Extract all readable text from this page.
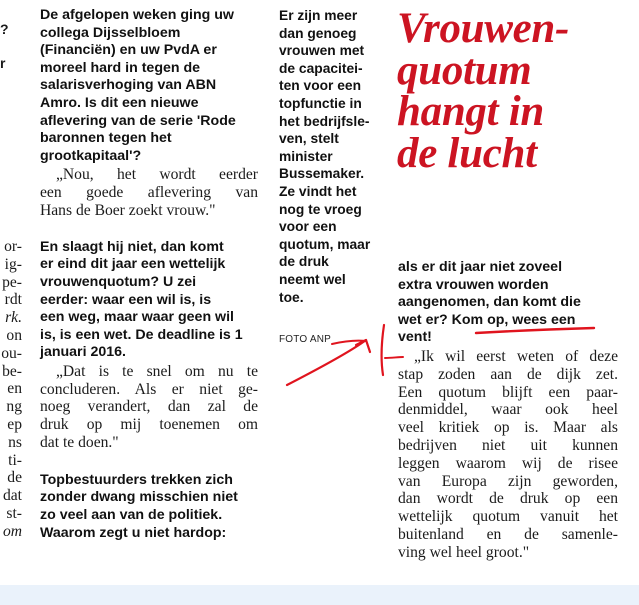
?
r
or-
ig-
pe-
rdt
rk.
on
ou-
be-
en
ng
ep
ns
ti-
de
dat
st-
om
De afgelopen weken ging uw
collega Dijsselbloem
(Financiën) en uw PvdA er
moreel hard in tegen de
salarisverhoging van ABN
Amro. Is dit een nieuwe
aflevering van de serie 'Rode
baronnen tegen het
grootkapitaal'?
„Nou, het wordt eerder
een goede aflevering van
Hans de Boer zoekt vrouw."
En slaagt hij niet, dan komt
er eind dit jaar een wettelijk
vrouwenquotum? U zei
eerder: waar een wil is, is
een weg, maar waar geen wil
is, is een wet. De deadline is 1
januari 2016.
„Dat is te snel om nu te
concluderen. Als er niet ge-
noeg verandert, dan zal de
druk op mij toenemen om
dat te doen."
Topbestuurders trekken zich
zonder dwang misschien niet
zo veel aan van de politiek.
Waarom zegt u niet hardop:
Er zijn meer
dan genoeg
vrouwen met
de capacitei-
ten voor een
topfunctie in
het bedrijfsle-
ven, stelt
minister
Bussemaker.
Ze vindt het
nog te vroeg
voor een
quotum, maar
de druk
neemt wel
toe.
FOTO ANP
Vrouwen-
quotum
hangt in
de lucht
als er dit jaar niet zoveel
extra vrouwen worden
aangenomen, dan komt die
wet er? Kom op, wees een
vent!
„Ik wil eerst weten of deze
stap zoden aan de dijk zet.
Een quotum blijft een paar-
denmiddel, waar ook heel
veel kritiek op is. Maar als
bedrijven niet uit kunnen
leggen waarom wij de risee
van Europa zijn geworden,
dan wordt de druk op een
wettelijk quotum vanuit het
buitenland en de samenle-
ving wel heel groot."
